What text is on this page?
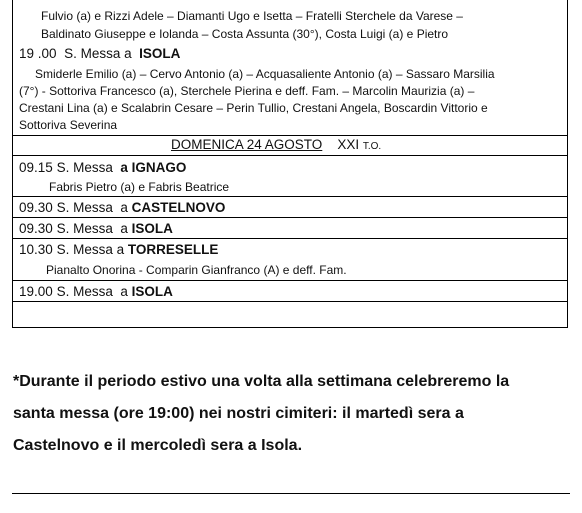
Fulvio (a) e Rizzi Adele – Diamanti Ugo e Isetta – Fratelli Sterchele da Varese –
Baldinato Giuseppe e Iolanda – Costa Assunta (30°), Costa Luigi (a) e Pietro
19 .00 S. Messa a ISOLA
Smiderle Emilio (a) – Cervo Antonio (a) – Acquasaliente Antonio (a) – Sassaro Marsilia
(7°) - Sottoriva Francesco (a), Sterchele Pierina e deff. Fam. – Marcolin Maurizia (a) –
Crestani Lina (a) e Scalabrin Cesare – Perin Tullio, Crestani Angela, Boscardin Vittorio e
Sottoriva Severina
DOMENICA 24 AGOSTO XXI T.O.
09.15 S. Messa a IGNAGO
Fabris Pietro (a) e Fabris Beatrice
09.30 S. Messa a CASTELNOVO
09.30 S. Messa a ISOLA
10.30 S. Messa a TORRESELLE
Pianalto Onorina - Comparin Gianfranco (A) e deff. Fam.
19.00 S. Messa a ISOLA
*Durante il periodo estivo una volta alla settimana celebreremo la
santa messa (ore 19:00) nei nostri cimiteri: il martedì sera a
Castelnovo e il mercoledì sera a Isola.
